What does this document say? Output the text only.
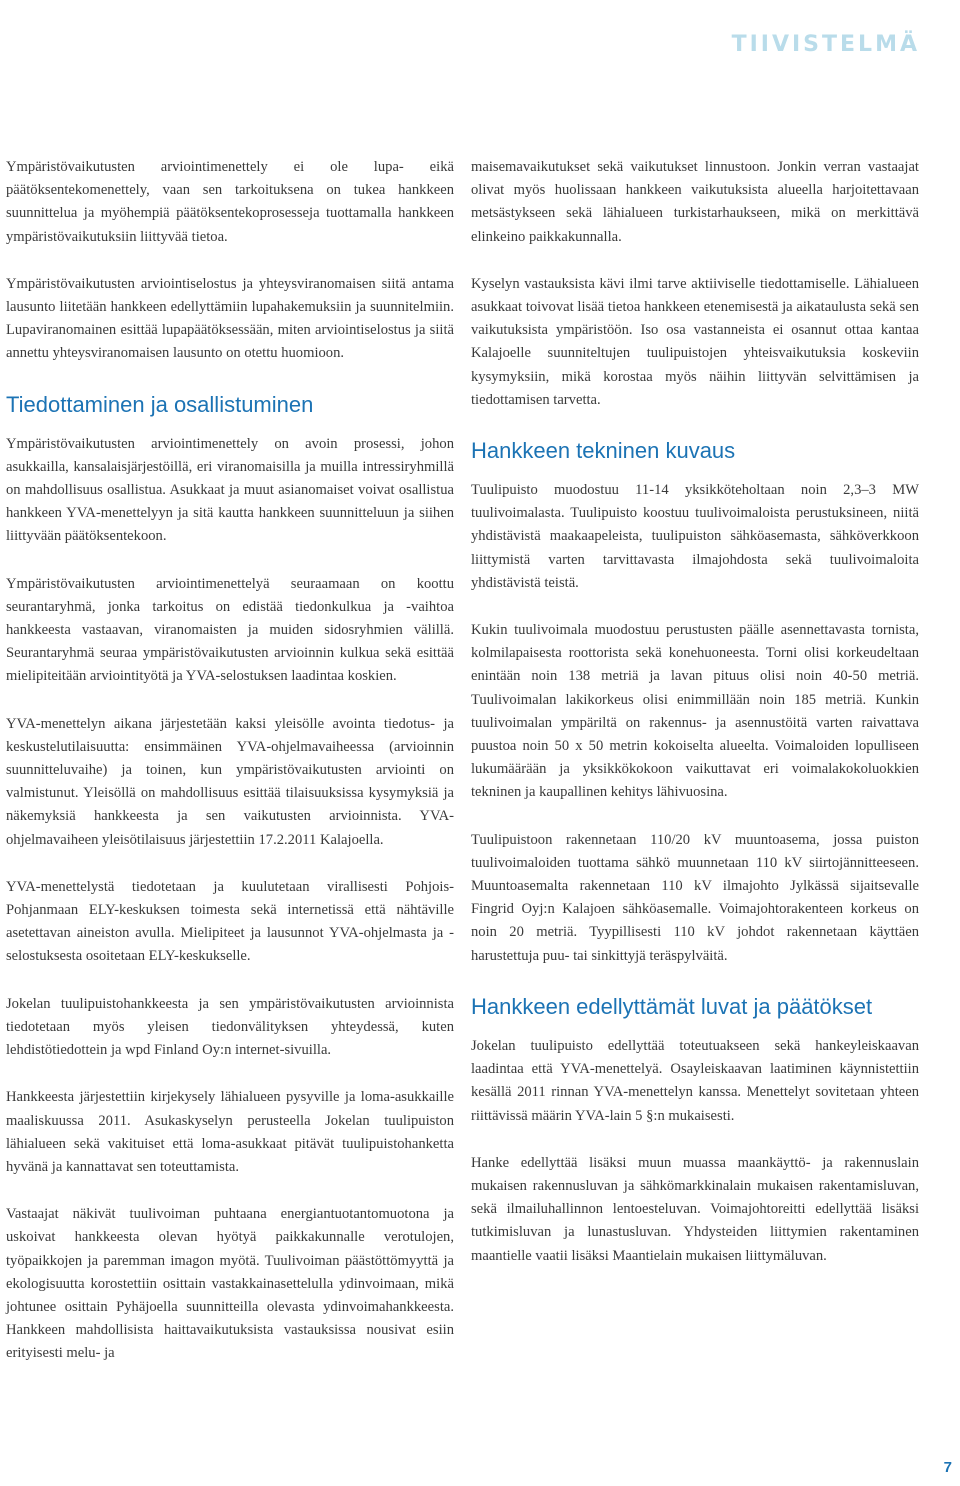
TIIVISTELMÄ

Ympäristövaikutusten arviointimenettely ei ole lupa- eikä päätöksentekomenettely, vaan sen tarkoituksena on tukea hankkeen suunnittelua ja myöhempiä päätöksentekoprosesseja tuottamalla hankkeen ympäristövaikutuksiin liittyvää tietoa.

Ympäristövaikutusten arviointiselostus ja yhteysviranomaisen siitä antama lausunto liitetään hankkeen edellyttämiin lupahakemuksiin ja suunnitelmiin. Lupaviranomainen esittää lupapäätöksessään, miten arviointiselostus ja siitä annettu yhteysviranomaisen lausunto on otettu huomioon.

Tiedottaminen ja osallistuminen

Ympäristövaikutusten arviointimenettely on avoin prosessi, johon asukkailla, kansalaisjärjestöillä, eri viranomaisilla ja muilla intressiryhmillä on mahdollisuus osallistua. Asukkaat ja muut asianomaiset voivat osallistua hankkeen YVA-menettelyyn ja sitä kautta hankkeen suunnitteluun ja siihen liittyvään päätöksentekoon.

Ympäristövaikutusten arviointimenettelyä seuraamaan on koottu seurantaryhmä, jonka tarkoitus on edistää tiedonkulkua ja -vaihtoa hankkeesta vastaavan, viranomaisten ja muiden sidosryhmien välillä. Seurantaryhmä seuraa ympäristövaikutusten arvioinnin kulkua sekä esittää mielipiteitään arviointityötä ja YVA-selostuksen laadintaa koskien.

YVA-menettelyn aikana järjestetään kaksi yleisölle avointa tiedotus- ja keskustelutilaisuutta: ensimmäinen YVA-ohjelmavaiheessa (arvioinnin suunnitteluvaihe) ja toinen, kun ympäristövaikutusten arviointi on valmistunut. Yleisöllä on mahdollisuus esittää tilaisuuksissa kysymyksiä ja näkemyksiä hankkeesta ja sen vaikutusten arvioinnista. YVA-ohjelmavaiheen yleisötilaisuus järjestettiin 17.2.2011 Kalajoella.

YVA-menettelystä tiedotetaan ja kuulutetaan virallisesti Pohjois-Pohjanmaan ELY-keskuksen toimesta sekä internetissä että nähtäville asetettavan aineiston avulla. Mielipiteet ja lausunnot YVA-ohjelmasta ja -selostuksesta osoitetaan ELY-keskukselle.

Jokelan tuulipuistohankkeesta ja sen ympäristövaikutusten arvioinnista tiedotetaan myös yleisen tiedonvälityksen yhteydessä, kuten lehdistötiedottein ja wpd Finland Oy:n internet-sivuilla.

Hankkeesta järjestettiin kirjekysely lähialueen pysyville ja loma-asukkaille maaliskuussa 2011. Asukaskyselyn perusteella Jokelan tuulipuiston lähialueen sekä vakituiset että loma-asukkaat pitävät tuulipuistohanketta hyvänä ja kannattavat sen toteuttamista.

Vastaajat näkivät tuulivoiman puhtaana energiantuotantomuotona ja uskoivat hankkeesta olevan hyötyä paikkakunnalle verotulojen, työpaikkojen ja paremman imagon myötä. Tuulivoiman päästöttömyyttä ja ekologisuutta korostettiin osittain vastakkainasettelulla ydinvoimaan, mikä johtunee osittain Pyhäjoella suunnitteilla olevasta ydinvoimahankkeesta. Hankkeen mahdollisista haittavaikutuksista vastauksissa nousivat esiin erityisesti melu- ja

maisemavaikutukset sekä vaikutukset linnustoon. Jonkin verran vastaajat olivat myös huolissaan hankkeen vaikutuksista alueella harjoitettavaan metsästykseen sekä lähialueen turkistarhaukseen, mikä on merkittävä elinkeino paikkakunnalla.

Kyselyn vastauksista kävi ilmi tarve aktiiviselle tiedottamiselle. Lähialueen asukkaat toivovat lisää tietoa hankkeen etenemisestä ja aikataulusta sekä sen vaikutuksista ympäristöön. Iso osa vastanneista ei osannut ottaa kantaa Kalajoelle suunniteltujen tuulipuistojen yhteisvaikutuksia koskeviin kysymyksiin, mikä korostaa myös näihin liittyvän selvittämisen ja tiedottamisen tarvetta.

Hankkeen tekninen kuvaus

Tuulipuisto muodostuu 11-14 yksikköteholtaan noin 2,3–3 MW tuulivoimalasta. Tuulipuisto koostuu tuulivoimaloista perustuksineen, niitä yhdistävistä maakaapeleista, tuulipuiston sähköasemasta, sähköverkkoon liittymistä varten tarvittavasta ilmajohdosta sekä tuulivoimaloita yhdistävistä teistä.

Kukin tuulivoimala muodostuu perustusten päälle asennettavasta tornista, kolmilapaisesta roottorista sekä konehuoneesta. Torni olisi korkeudeltaan enintään noin 138 metriä ja lavan pituus olisi noin 40-50 metriä. Tuulivoimalan lakikorkeus olisi enimmillään noin 185 metriä. Kunkin tuulivoimalan ympäriltä on rakennus- ja asennustöitä varten raivattava puustoa noin 50 x 50 metrin kokoiselta alueelta. Voimaloiden lopulliseen lukumäärään ja yksikkökokoon vaikuttavat eri voimalakokoluokkien tekninen ja kaupallinen kehitys lähivuosina.

Tuulipuistoon rakennetaan 110/20 kV muuntoasema, jossa puiston tuulivoimaloiden tuottama sähkö muunnetaan 110 kV siirtojännitteeseen. Muuntoasemalta rakennetaan 110 kV ilmajohto Jylkässä sijaitsevalle Fingrid Oyj:n Kalajoen sähköasemalle. Voimajohtorakenteen korkeus on noin 20 metriä. Tyypillisesti 110 kV johdot rakennetaan käyttäen harustettuja puu- tai sinkittyjä teräspylväitä.

Hankkeen edellyttämät luvat ja päätökset

Jokelan tuulipuisto edellyttää toteutuakseen sekä hankeyleiskaavan laadintaa että YVA-menettelyä. Osayleiskaavan laatiminen käynnistettiin kesällä 2011 rinnan YVA-menettelyn kanssa. Menettelyt sovitetaan yhteen riittävissä määrin YVA-lain 5 §:n mukaisesti.

Hanke edellyttää lisäksi muun muassa maankäyttö- ja rakennuslain mukaisen rakennusluvan ja sähkömarkkinalain mukaisen rakentamisluvan, sekä ilmailuhallinnon lentoesteluvan. Voimajohtoreitti edellyttää lisäksi tutkimisluvan ja lunastusluvan. Yhdysteiden liittymien rakentaminen maantielle vaatii lisäksi Maantielain mukaisen liittymäluvan.

7
